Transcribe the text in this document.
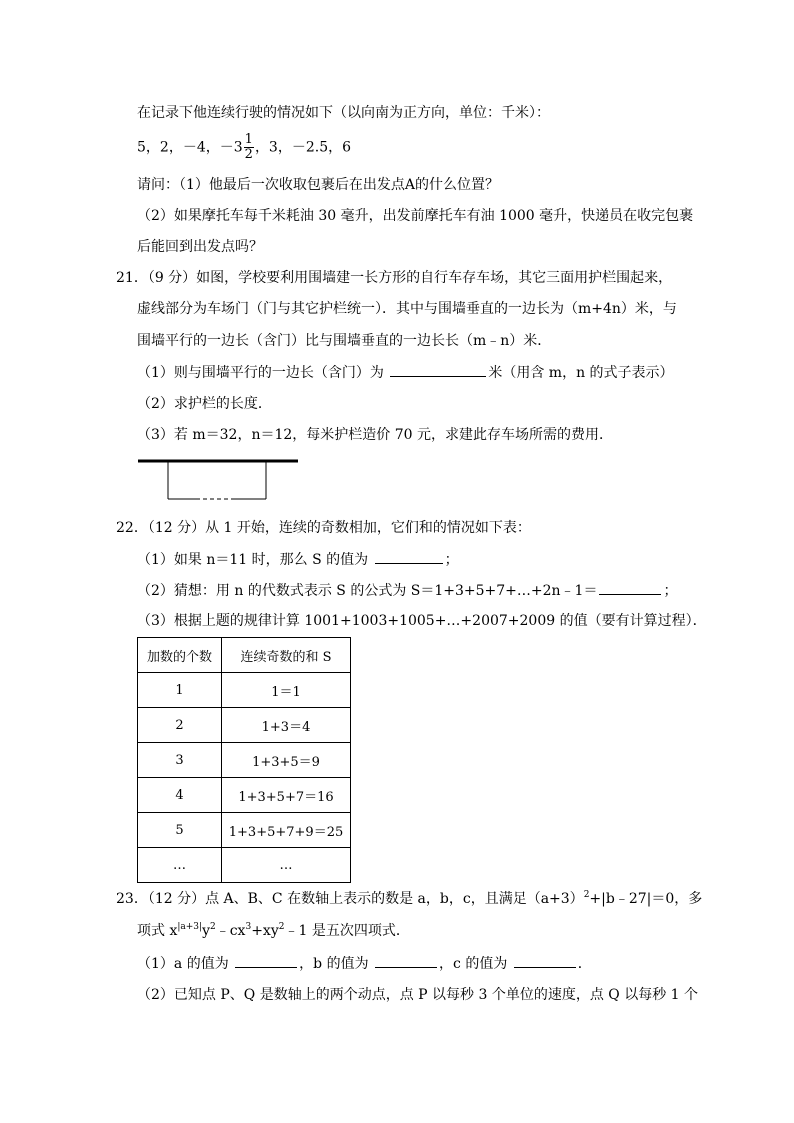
在记录下他连续行驶的情况如下（以向南为正方向，单位：千米）：
5，2，－4，$-3 \frac{1}{2}$ ，3，－2.5，6
请问：（1）他最后一次收取包裹后在出发点A的什么位置？
（2）如果摩托车每千米耗油 30 毫升，出发前摩托车有油 1000 毫升，快递员在收完包裹
后能回到出发点吗？
21．（9 分）如图，学校要利用围墙建一长方形的自行车存车场，其它三面用护栏围起来，
虚线部分为车场门（门与其它护栏统一）．其中与围墙垂直的一边长为（m+4n）米，与
围墙平行的一边长（含门）比与围墙垂直的一边长长（m﹣n）米．
（1）则与围墙平行的一边长（含门）为	米（用含 m，n 的式子表示）
（2）求护栏的长度．
（3）若 m＝32，n＝12，每米护栏造价 70 元，求建此存车场所需的费用．
22．（12 分）从 1 开始，连续的奇数相加，它们和的情况如下表：
（1）如果 n＝11 时，那么 S 的值为	；
（2）猜想：用 n 的代数式表示 S 的公式为 S＝1+3+5+7+…+2n﹣1＝	；
（3）根据上题的规律计算 1001+1003+1005+…+2007+2009 的值（要有计算过程）．
加数的个数	连续奇数的和 S
1	1＝1
2	1+3＝4
3	1+3+5＝9
4	1+3+5+7＝16
5	1+3+5+7+9＝25
…	…
23．（12 分）点 A、B、C 在数轴上表示的数是 a，b，c，且满足$(a+3)^2+|b﹣27|=0$，多
项式 $x^{|a+3|}y^2﹣cx^3+xy^2﹣1$ 是五次四项式．
（1）a 的值为	，b 的值为	，c 的值为	．
（2）已知点 P、Q 是数轴上的两个动点，点 P 以每秒 3 个单位的速度，点 Q 以每秒 1 个
